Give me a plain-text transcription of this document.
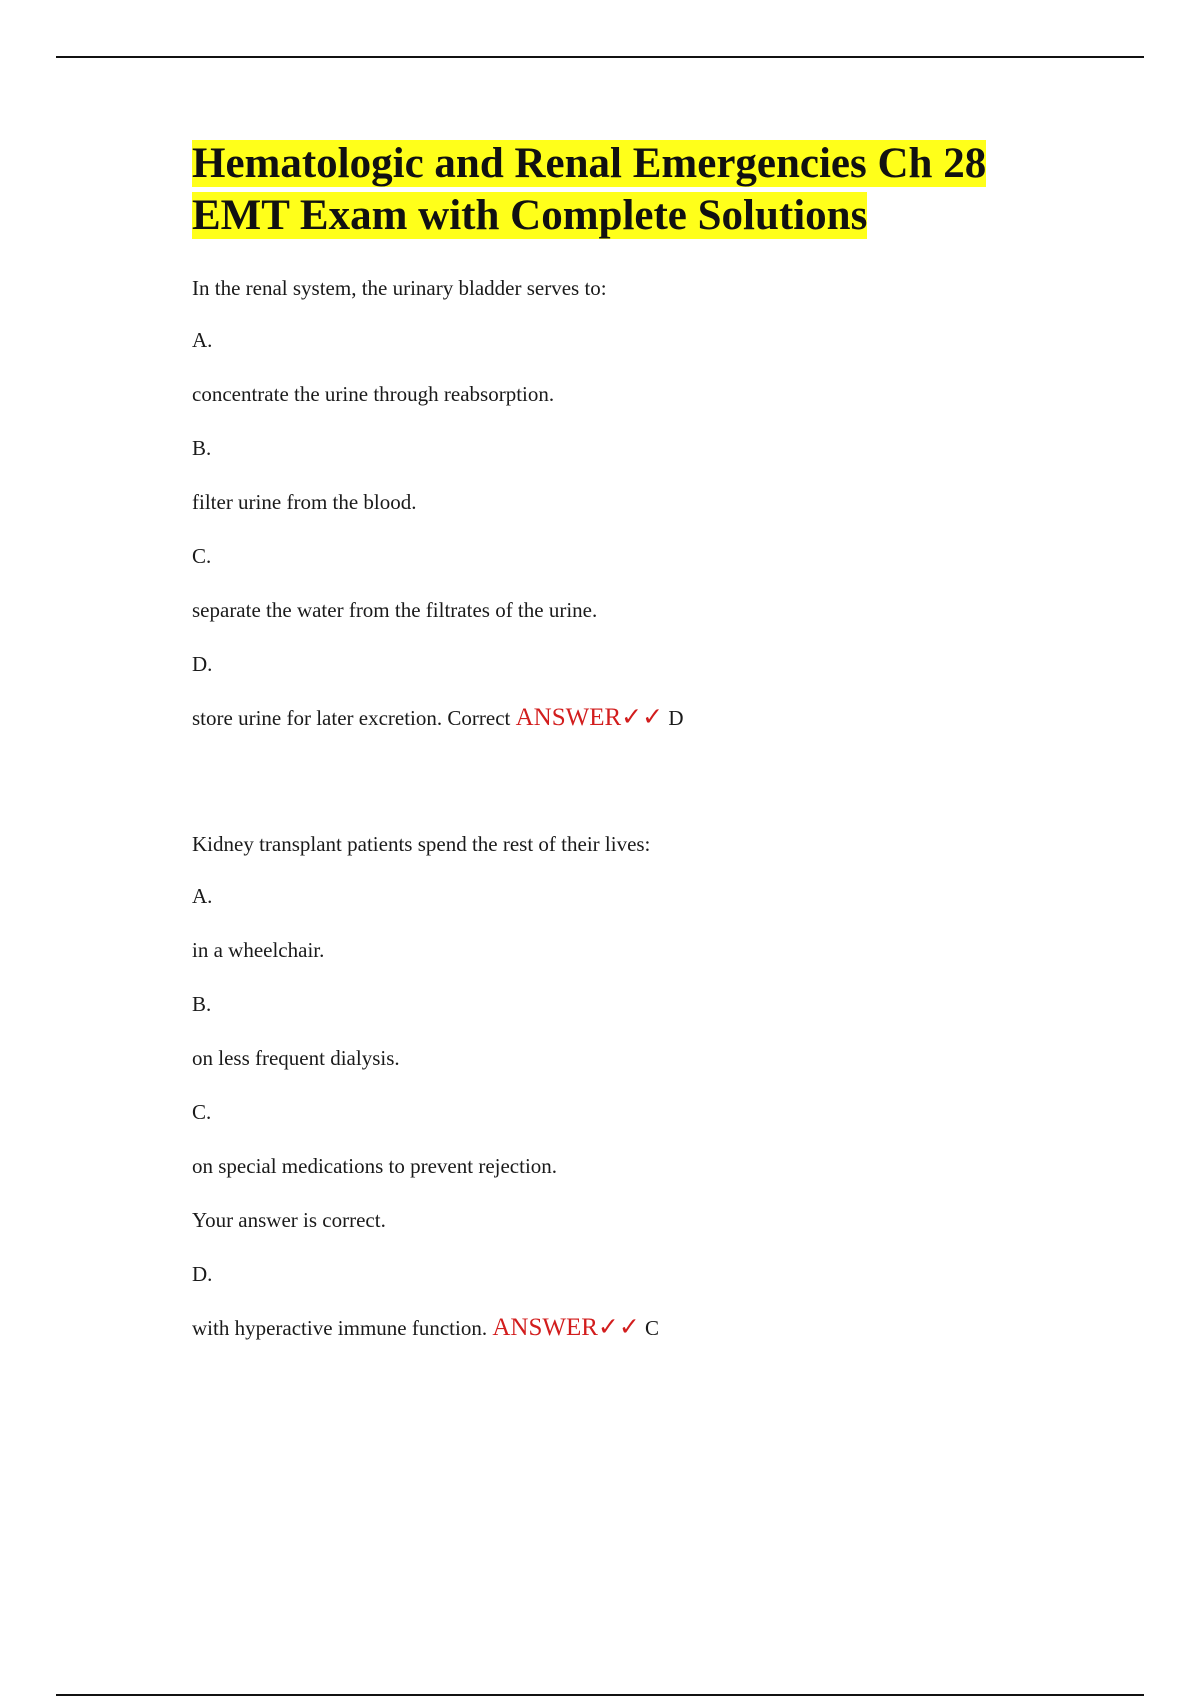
Hematologic and Renal Emergencies Ch 28
EMT Exam with Complete Solutions
In the renal system, the urinary bladder serves to:
A.
concentrate the urine through reabsorption.
B.
filter urine from the blood.
C.
separate the water from the filtrates of the urine.
D.
store urine for later excretion. Correct ANSWER✓✓ D
Kidney transplant patients spend the rest of their lives:
A.
in a wheelchair.
B.
on less frequent dialysis.
C.
on special medications to prevent rejection.
Your answer is correct.
D.
with hyperactive immune function. ANSWER✓✓ C
